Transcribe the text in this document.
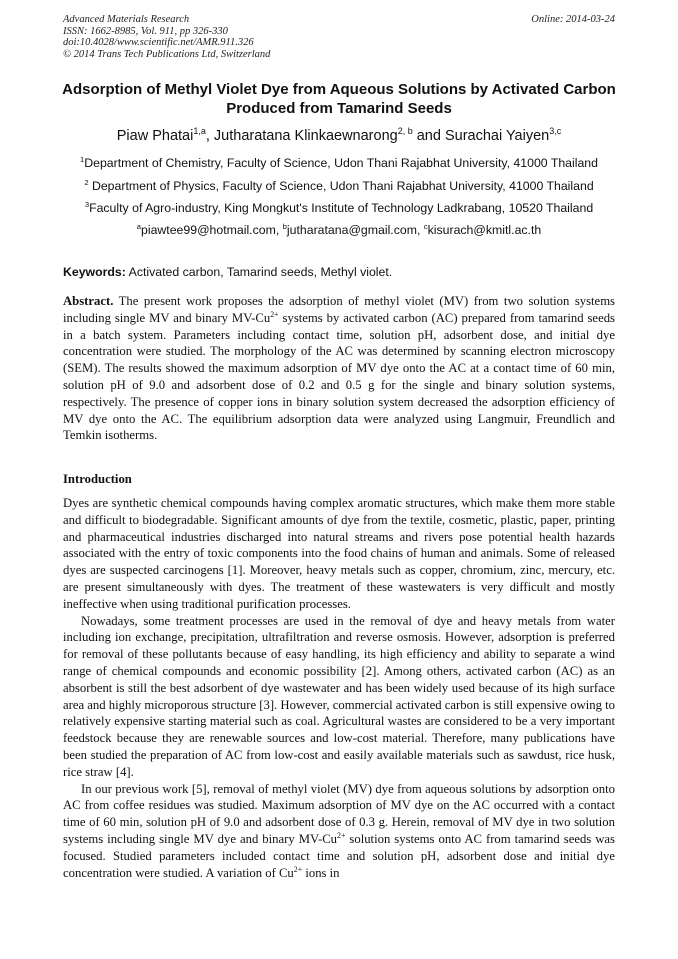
Advanced Materials Research
ISSN: 1662-8985, Vol. 911, pp 326-330
doi:10.4028/www.scientific.net/AMR.911.326
© 2014 Trans Tech Publications Ltd, Switzerland
Online: 2014-03-24
Adsorption of Methyl Violet Dye from Aqueous Solutions by Activated Carbon Produced from Tamarind Seeds
Piaw Phatai$^{1,a}$, Jutharatana Klinkaewnarong$^{2, b}$ and Surachai Yaiyen$^{3,c}$
$^1$Department of Chemistry, Faculty of Science, Udon Thani Rajabhat University, 41000 Thailand
$^2$ Department of Physics, Faculty of Science, Udon Thani Rajabhat University, 41000 Thailand
$^3$Faculty of Agro-industry, King Mongkut's Institute of Technology Ladkrabang, 10520 Thailand
$^a$piawtee99@hotmail.com, $^b$jutharatana@gmail.com, $^c$kisurach@kmitl.ac.th
Keywords: Activated carbon, Tamarind seeds, Methyl violet.

Abstract. The present work proposes the adsorption of methyl violet (MV) from two solution systems including single MV and binary $MV-Cu^{2+}$ systems by activated carbon (AC) prepared from tamarind seeds in a batch system. Parameters including contact time, solution pH, adsorbent dose, and initial dye concentration were studied. The morphology of the AC was determined by scanning electron microscopy (SEM). The results showed the maximum adsorption of MV dye onto the AC at a contact time of 60 min, solution pH of 9.0 and adsorbent dose of 0.2 and 0.5 g for the single and binary solution systems, respectively. The presence of copper ions in binary solution system decreased the adsorption efficiency of MV dye onto the AC. The equilibrium adsorption data were analyzed using Langmuir, Freundlich and Temkin isotherms.

Introduction

Dyes are synthetic chemical compounds having complex aromatic structures, which make them more stable and difficult to biodegradable. Significant amounts of dye from the textile, cosmetic, plastic, paper, printing and pharmaceutical industries discharged into natural streams and rivers pose potential health hazards associated with the entry of toxic components into the food chains of human and animals. Some of released dyes are suspected carcinogens [1]. Moreover, heavy metals such as copper, chromium, zinc, mercury, etc. are present simultaneously with dyes. The treatment of these wastewaters is very difficult and mostly ineffective when using traditional purification processes.

Nowadays, some treatment processes are used in the removal of dye and heavy metals from water including ion exchange, precipitation, ultrafiltration and reverse osmosis. However, adsorption is preferred for removal of these pollutants because of easy handling, its high efficiency and ability to separate a wind range of chemical compounds and economic possibility [2]. Among others, activated carbon (AC) as an absorbent is still the best adsorbent of dye wastewater and has been widely used because of its high surface area and highly microporous structure [3]. However, commercial activated carbon is still expensive owing to relatively expensive starting material such as coal. Agricultural wastes are considered to be a very important feedstock because they are renewable sources and low-cost material. Therefore, many publications have been studied the preparation of AC from low-cost and easily available materials such as sawdust, rice husk, rice straw [4].

In our previous work [5], removal of methyl violet (MV) dye from aqueous solutions by adsorption onto AC from coffee residues was studied. Maximum adsorption of MV dye on the AC occurred with a contact time of 60 min, solution pH of 9.0 and adsorbent dose of 0.3 g. Herein, removal of MV dye in two solution systems including single MV dye and binary $MV-Cu^{2+}$ solution systems onto AC from tamarind seeds was focused. Studied parameters included contact time and solution pH, adsorbent dose and initial dye concentration were studied. A variation of $Cu^{2+}$ ions in
